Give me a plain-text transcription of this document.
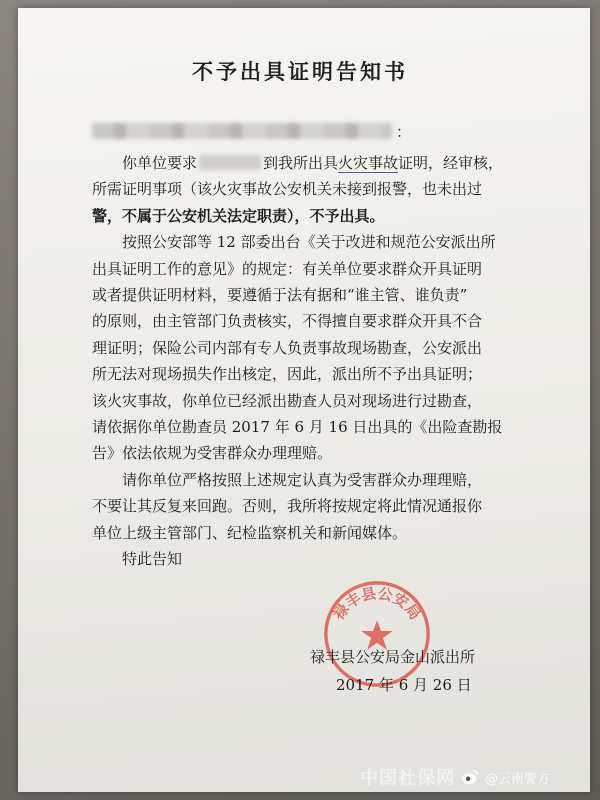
不予出具证明告知书
：

你单位要求	到我所出具火灾事故证明，经审核，

所需证明事项（该火灾事故公安机关未接到报警，也未出过

警，不属于公安机关法定职责），不予出具。

按照公安部等 12 部委出台《关于改进和规范公安派出所

出具证明工作的意见》的规定：有关单位要求群众开具证明

或者提供证明材料，要遵循于法有据和“谁主管、谁负责”

的原则，由主管部门负责核实，不得擅自要求群众开具不合

理证明；保险公司内部有专人负责事故现场勘查，公安派出

所无法对现场损失作出核定，因此，派出所不予出具证明；

该火灾事故，你单位已经派出勘查人员对现场进行过勘查，

请依据你单位勘查员 2017 年 6 月 16 日出具的《出险查勘报

告》依法依规为受害群众办理理赔。

请你单位严格按照上述规定认真为受害群众办理理赔，

不要让其反复来回跑。否则，我所将按规定将此情况通报你

单位上级主管部门、纪检监察机关和新闻媒体。

特此告知

禄丰县公安局
禄丰县公安局金山派出所
2017 年 6 月 26 日
中国社保网 @云南警方
